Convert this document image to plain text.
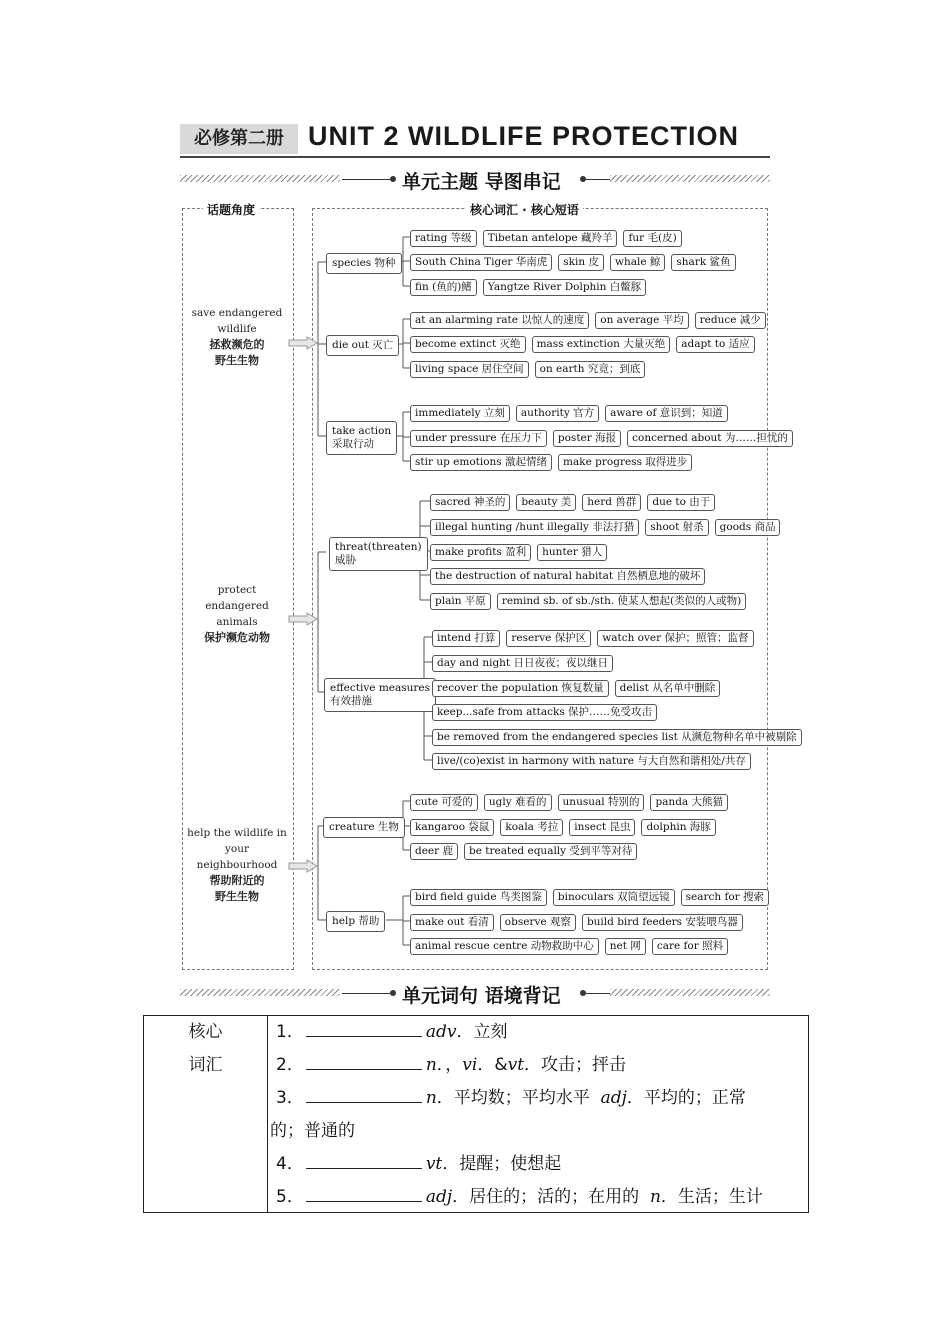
必修第二册 UNIT 2 WILDLIFE PROTECTION
单元主题 导图串记
话题角度	核心词汇 · 核心短语
save endangered
wildlife
拯救濒危的
野生生物
protect
endangered animals
保护濒危动物
help the wildlife in
your neighbourhood
帮助附近的
野生生物
species 物种
die out 灭亡
take action
采取行动
threat(threaten)
威胁
effective measures
有效措施
creature 生物
help 帮助
rating 等级	Tibetan antelope 藏羚羊	fur 毛(皮)
South China Tiger 华南虎	skin 皮	whale 鲸	shark 鲨鱼
fin (鱼的)鳍	Yangtze River Dolphin 白鳖豚
at an alarming rate 以惊人的速度	on average 平均	reduce 减少
become extinct 灭绝	mass extinction 大量灭绝	adapt to 适应
living space 居住空间	on earth 究竟；到底
immediately 立刻	authority 官方	aware of 意识到；知道
under pressure 在压力下	poster 海报	concerned about 为……担忧的
stir up emotions 激起情绪	make progress 取得进步
sacred 神圣的	beauty 美	herd 兽群	due to 由于
illegal hunting /hunt illegally 非法打猎	shoot 射杀	goods 商品
make profits 盈利	hunter 猎人
the destruction of natural habitat 自然栖息地的破坏
plain 平原	remind sb. of sb./sth. 使某人想起(类似的人或物)
intend 打算	reserve 保护区	watch over 保护；照管；监督
day and night 日日夜夜；夜以继日
recover the population 恢复数量	delist 从名单中删除
keep...safe from attacks 保护……免受攻击
be removed from the endangered species list 从濒危物种名单中被剔除
live/(co)exist in harmony with nature 与大自然和谐相处/共存
cute 可爱的	ugly 难看的	unusual 特别的	panda 大熊猫
kangaroo 袋鼠	koala 考拉	insect 昆虫	dolphin 海豚
deer 鹿	be treated equally 受到平等对待
bird field guide 鸟类图鉴	binoculars 双筒望远镜	search for 搜索
make out 看清	observe 观察	build bird feeders 安装喂鸟器
animal rescue centre 动物救助中心	net 网	care for 照料
单元词句 语境背记
核心
词汇
1．	adv．立刻
2．	n．，vi．&vt．攻击；抨击
3．	n．平均数；平均水平 adj．平均的；正常
的；普通的
4．	vt．提醒；使想起
5．	adj．居住的；活的；在用的 n．生活；生计
